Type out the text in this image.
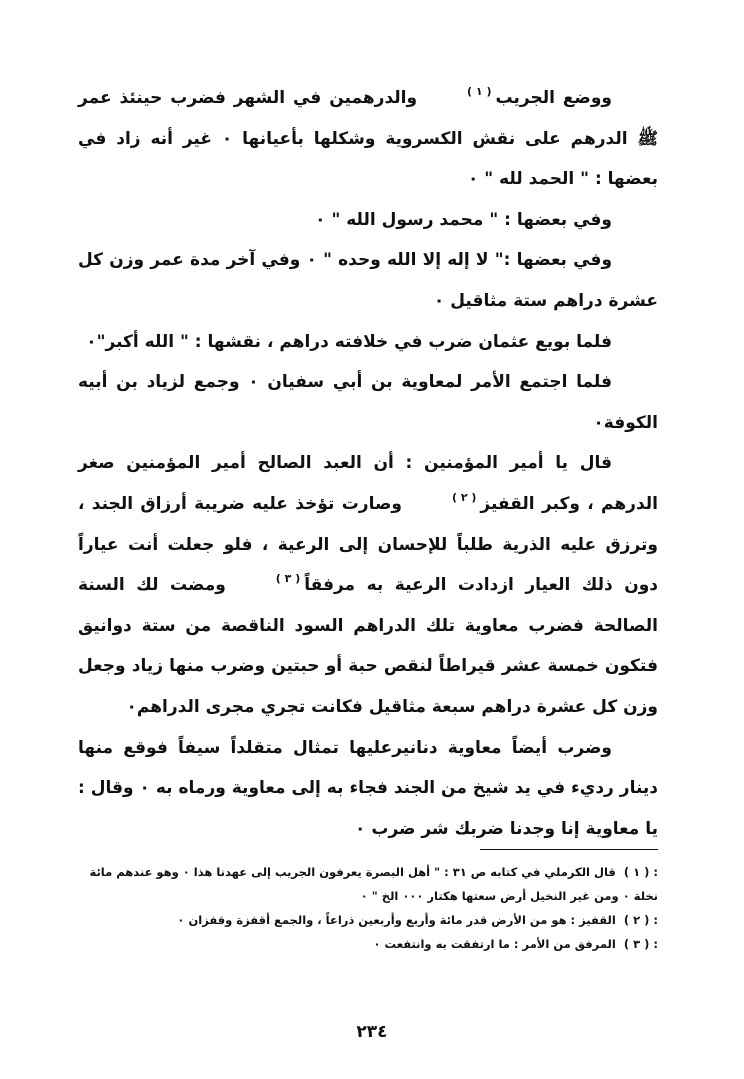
ووضع الجريب( ١ )والدرهمين في الشهر فضرب حينئذ عمر ﷺ الدرهم على نقش الكسروية وشكلها بأعيانها ٠ غير أنه زاد في بعضها : " الحمد لله " ٠

وفي بعضها : " محمد رسول الله " ٠

وفي بعضها :" لا إله إلا الله وحده " ٠ وفي آخر مدة عمر وزن كل عشرة دراهم ستة مثاقيل ٠

فلما بويع عثمان ضرب في خلافته دراهم ، نقشها : " الله أكبر"٠

فلما اجتمع الأمر لمعاوية بن أبي سفيان ٠ وجمع لزياد بن أبيه الكوفة٠

قال يا أمير المؤمنين : أن العبد الصالح أمير المؤمنين صغر الدرهم ، وكبر القفيز( ٢ )وصارت تؤخذ عليه ضريبة أرزاق الجند ، وترزق عليه الذرية طلباً للإحسان إلى الرعية ، فلو جعلت أنت عياراً دون ذلك العيار ازدادت الرعية به مرفقاً( ٣ )ومضت لك السنة الصالحة فضرب معاوية تلك الدراهم السود الناقصة من ستة دوانيق فتكون خمسة عشر قيراطاً لنقص حبة أو حبتين وضرب منها زياد وجعل وزن كل عشرة دراهم سبعة مثاقيل فكانت تجري مجرى الدراهم٠

وضرب أيضاً معاوية دنانيرعليها تمثال متقلداً سيفاً فوقع منها دينار رديء في يد شيخ من الجند فجاء به إلى معاوية ورماه به ٠ وقال : يا معاوية إنا وجدنا ضربك شر ضرب ٠

( ١ ) : قال الكرملي في كتابه ص ٣١ : " أهل البصرة يعرفون الجريب إلى عهدنا هذا ٠ وهو عندهم مائة نخلة ٠ ومن غير النخيل أرض سعتها هكتار ٠٠٠ الخ " ٠

( ٢ ) : القفيز : هو من الأرض قدر مائة وأربع وأربعين ذراعاً ، والجمع أقفزة وقفزان ٠

( ٣ ) : المرفق من الأمر : ما ارتفقت به وانتفعت ٠

٢٣٤
